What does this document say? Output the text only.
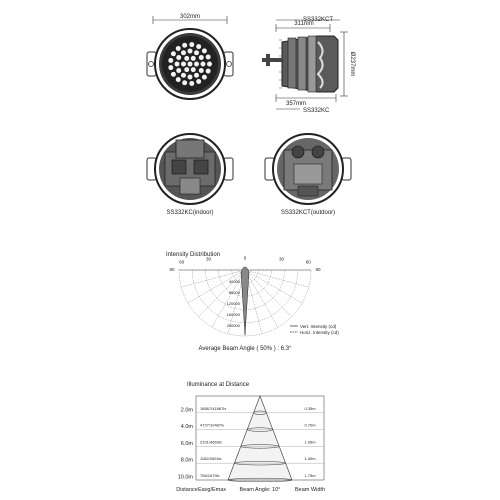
302mm	SS332KCT
311mm
Ø237mm
357mm
SS332KC
SS332KC(indoor)	SS332KCT(outdoor)
Intensity Distribution
90
60
30	0	30
60
90
40000
80000
120000
160000
200000	Vert. Intensity (cd)
Horiz. Intensity (cd)
Average Beam Angle ( 50% ) : 6.3°
Illuminance at Distance
2.0m 18567/41867lx	0.35m
4.0m 4727/10487lx	0.70m
6.0m 2101/4663lx	1.05m
8.0m 1182/2624lx	1.40m
10.0m 756/1679lx	1.75m
Distance Eavg/Emax Beam Angle: 10°	Beam Width
